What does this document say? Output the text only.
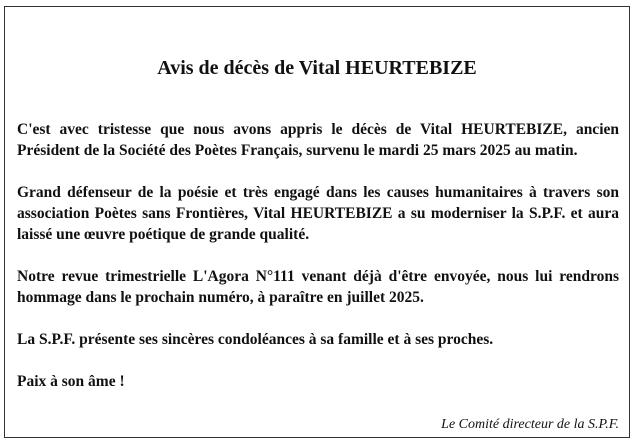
Avis de décès de Vital HEURTEBIZE

C'est avec tristesse que nous avons appris le décès de Vital HEURTEBIZE, ancien Président de la Société des Poètes Français, survenu le mardi 25 mars 2025 au matin.

Grand défenseur de la poésie et très engagé dans les causes humanitaires à travers son association Poètes sans Frontières, Vital HEURTEBIZE a su moderniser la S.P.F. et aura laissé une œuvre poétique de grande qualité.

Notre revue trimestrielle L'Agora N°111 venant déjà d'être envoyée, nous lui rendrons hommage dans le prochain numéro, à paraître en juillet 2025.

La S.P.F. présente ses sincères condoléances à sa famille et à ses proches.

Paix à son âme !

Le Comité directeur de la S.P.F.
